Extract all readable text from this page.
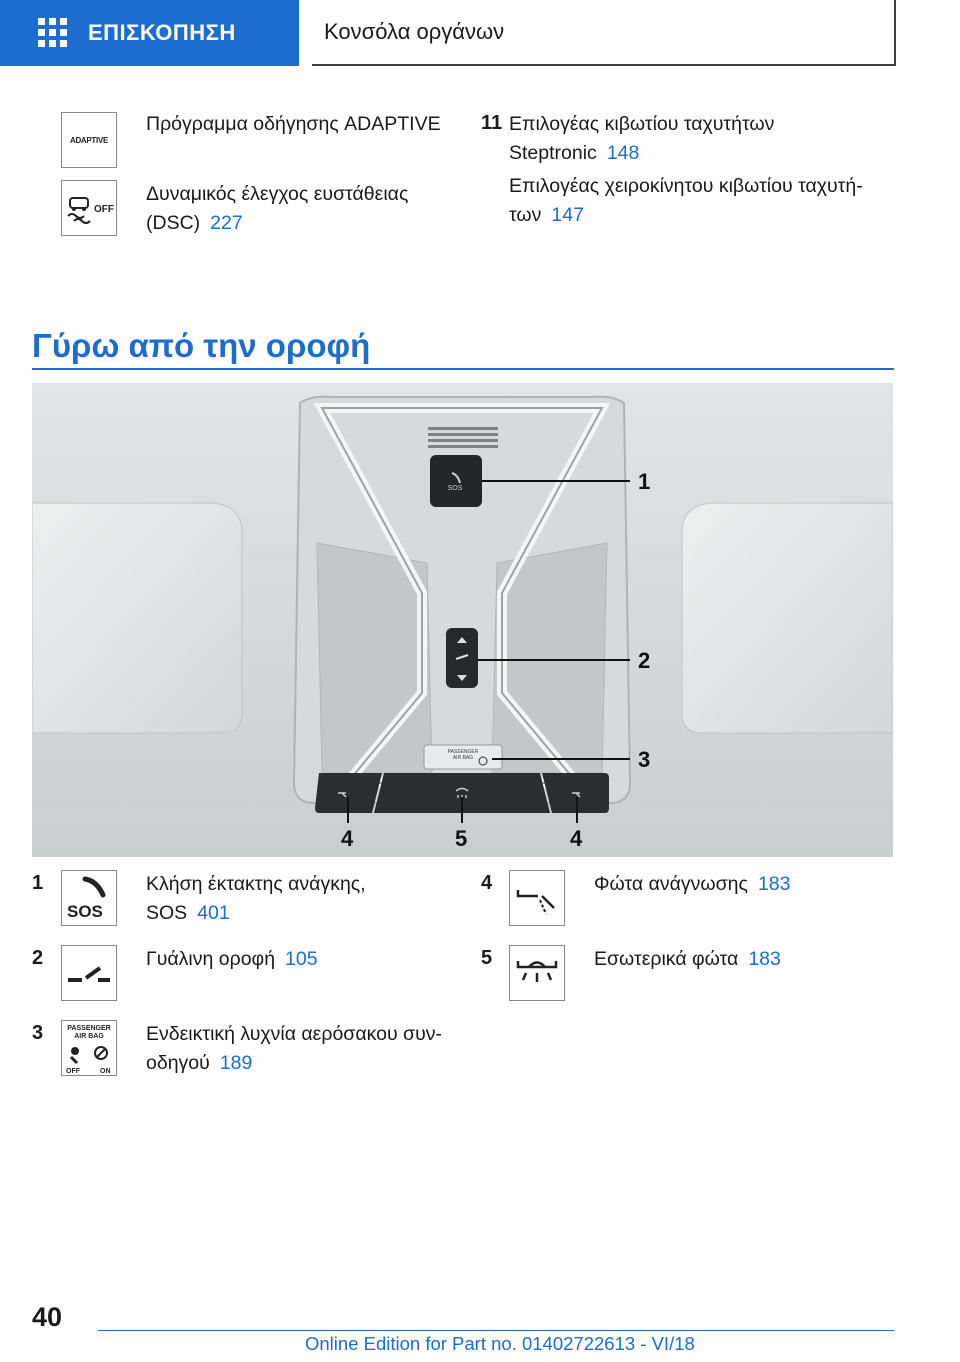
ΕΠΙΣΚΟΠΗΣΗ	Κονσόλα οργάνων
ADAPTIVE
Πρόγραμμα οδήγησης ADAPTIVE
OFF
Δυναμικός έλεγχος ευστάθειας
(DSC) 227
11 Επιλογέας κιβωτίου ταχυτήτων
Steptronic 148
Επιλογέας χειροκίνητου κιβωτίου ταχυτή-
των 147
Γύρω από την οροφή
SOS
PASSENGER
AIR BAG
1
2
3
4	5	4
1
SOS
Κλήση έκτακτης ανάγκης,
SOS 401
2	Γυάλινη οροφή 105
3	PASSENGER
AIR BAG
OFF	ON
Ενδεικτική λυχνία αερόσακου συν-
οδηγού 189
4	Φώτα ανάγνωσης 183
5	Εσωτερικά φώτα 183
40
Online Edition for Part no. 01402722613 - VI/18
